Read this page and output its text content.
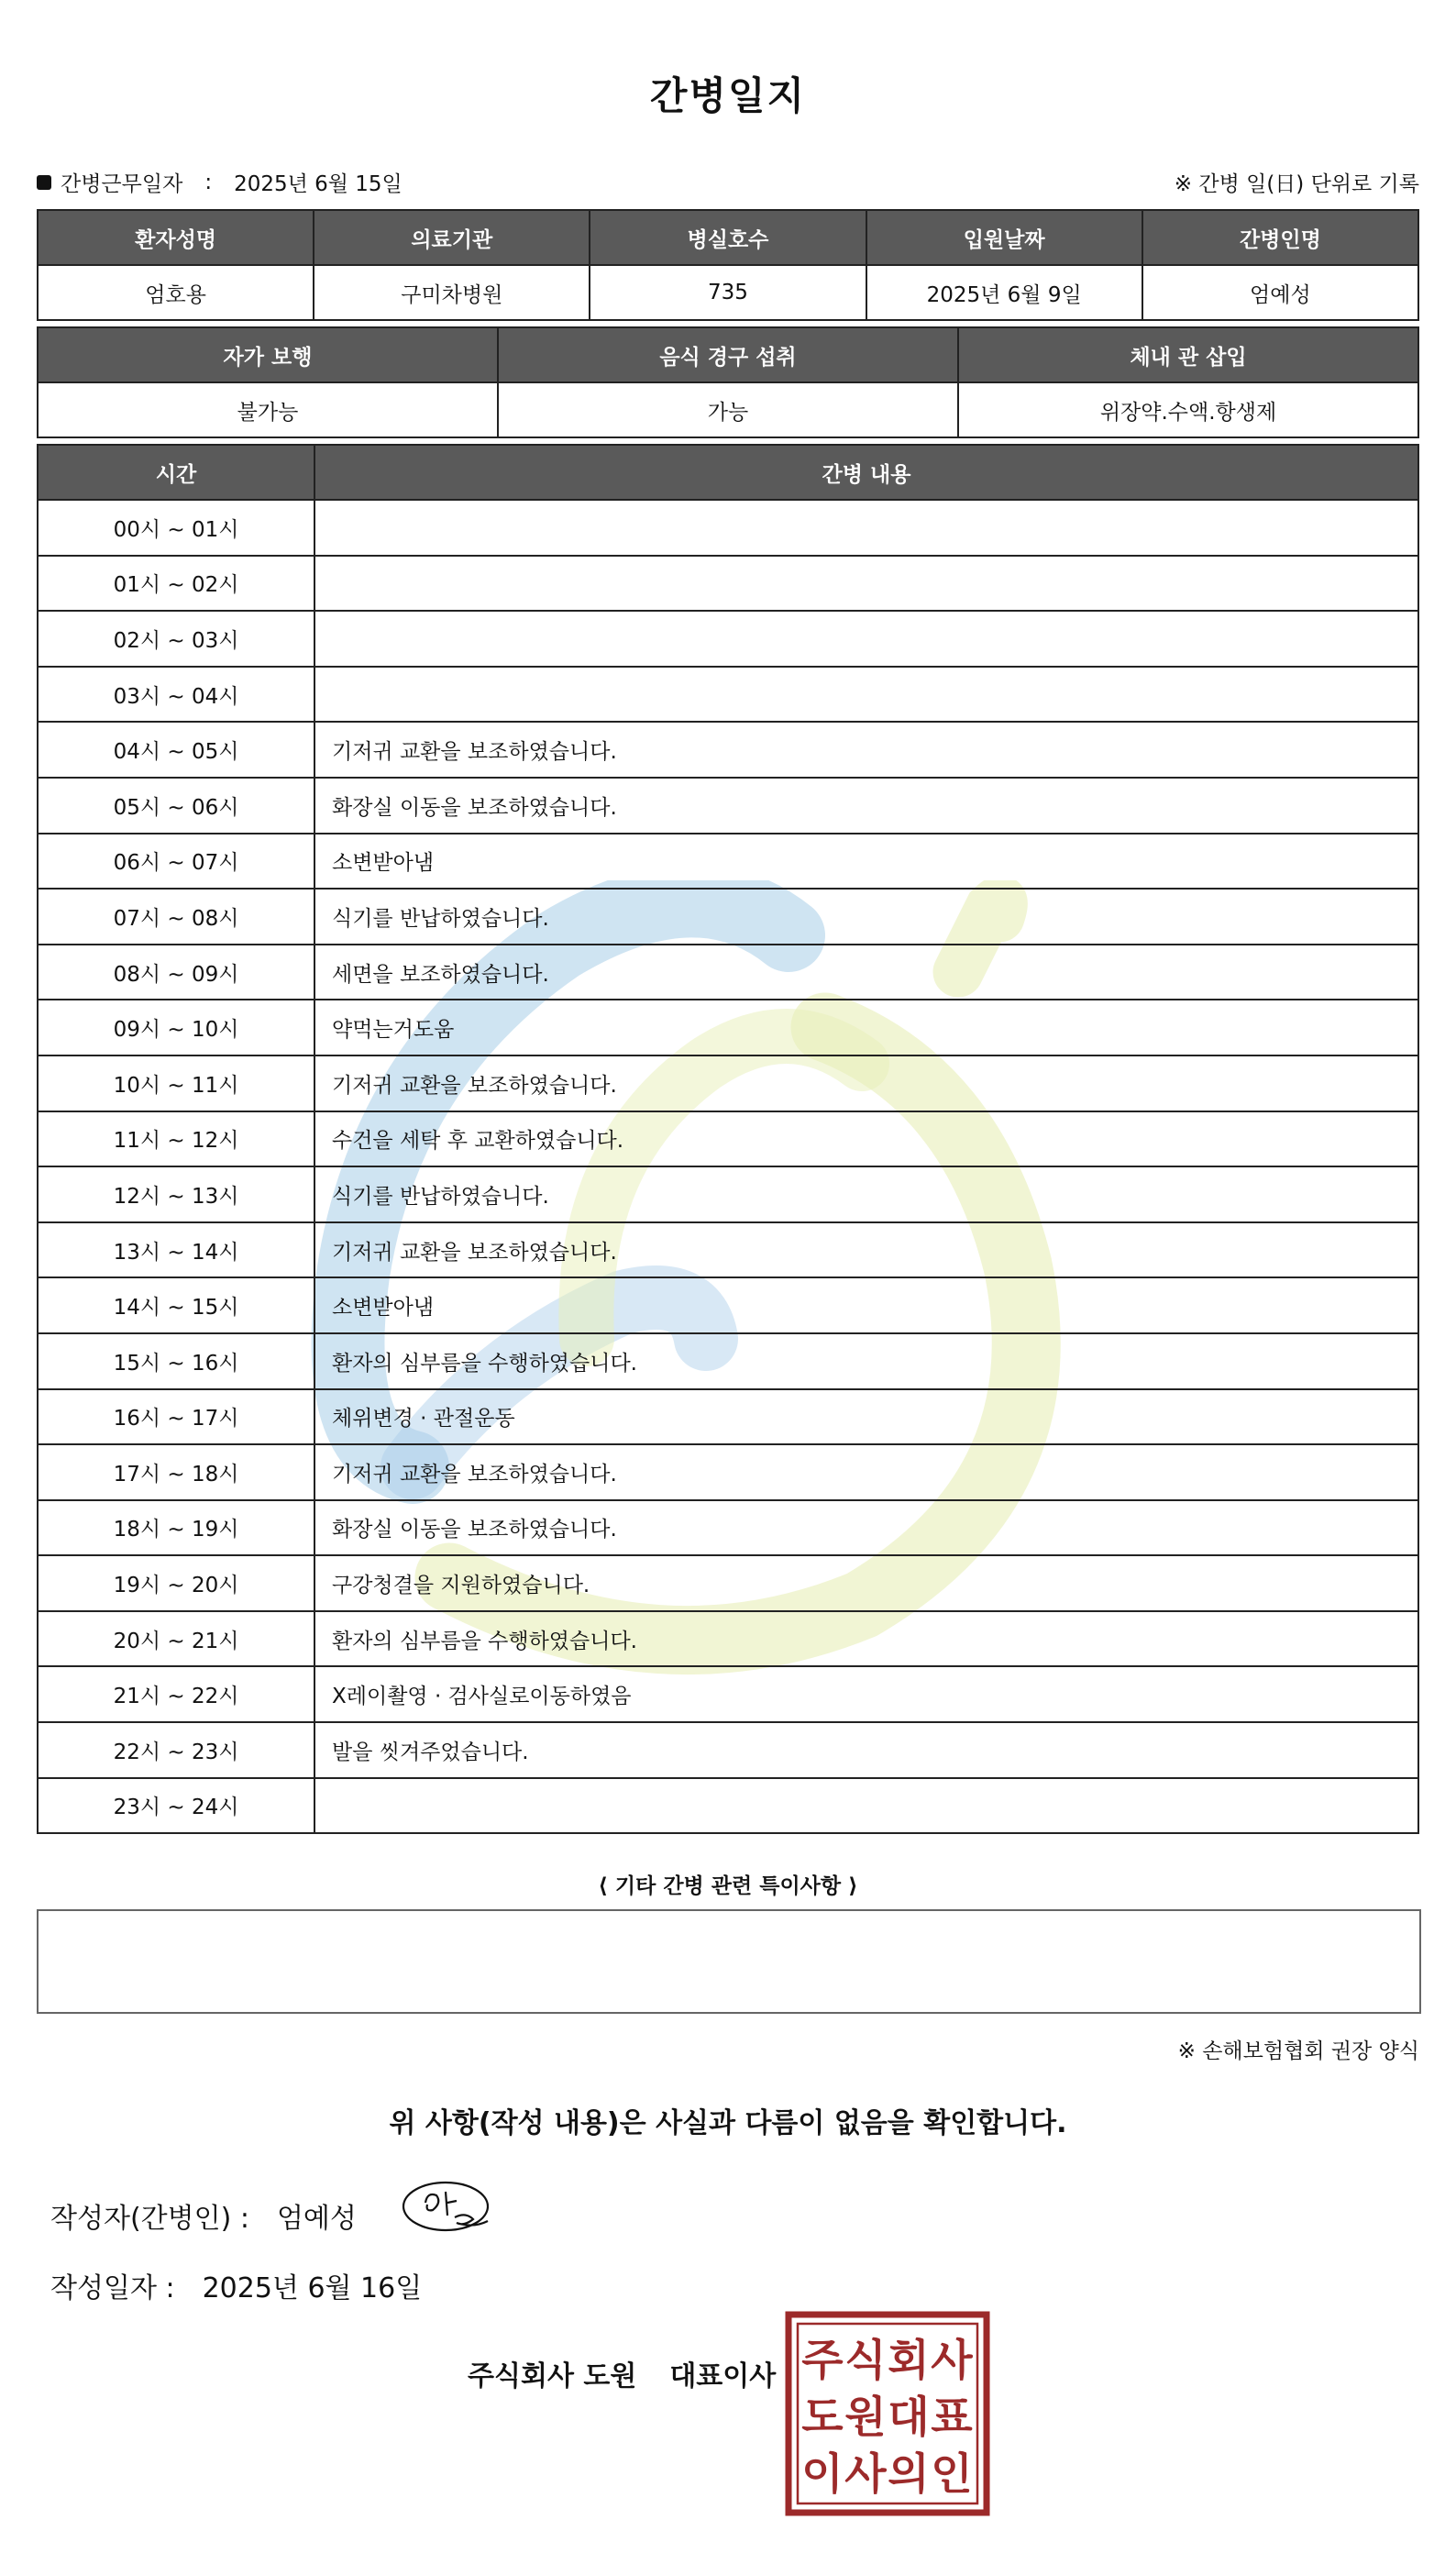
간병일지
간병근무일자 : 2025년 6월 15일	※ 간병 일(日) 단위로 기록
환자성명	의료기관	병실호수	입원날짜	간병인명
엄호용	구미차병원	735	2025년 6월 9일	엄예성
자가 보행	음식 경구 섭취	체내 관 삽입
불가능	가능	위장약.수액.항생제
시간	간병 내용
00시 ~ 01시	
01시 ~ 02시	
02시 ~ 03시	
03시 ~ 04시	
04시 ~ 05시	기저귀 교환을 보조하였습니다.
05시 ~ 06시	화장실 이동을 보조하였습니다.
06시 ~ 07시	소변받아냄
07시 ~ 08시	식기를 반납하였습니다.
08시 ~ 09시	세면을 보조하였습니다.
09시 ~ 10시	약먹는거도움
10시 ~ 11시	기저귀 교환을 보조하였습니다.
11시 ~ 12시	수건을 세탁 후 교환하였습니다.
12시 ~ 13시	식기를 반납하였습니다.
13시 ~ 14시	기저귀 교환을 보조하였습니다.
14시 ~ 15시	소변받아냄
15시 ~ 16시	환자의 심부름을 수행하였습니다.
16시 ~ 17시	체위변경 · 관절운동
17시 ~ 18시	기저귀 교환을 보조하였습니다.
18시 ~ 19시	화장실 이동을 보조하였습니다.
19시 ~ 20시	구강청결을 지원하였습니다.
20시 ~ 21시	환자의 심부름을 수행하였습니다.
21시 ~ 22시	X레이촬영 · 검사실로이동하였음
22시 ~ 23시	발을 씻겨주었습니다.
23시 ~ 24시	
⟨ 기타 간병 관련 특이사항 ⟩
※ 손해보험협회 권장 양식
위 사항(작성 내용)은 사실과 다름이 없음을 확인합니다.
작성자(간병인) : 엄예성
작성일자 : 2025년 6월 16일
주식회사 도원 대표이사 주 식 회 사
도 원 대 표
이 사 의 인
